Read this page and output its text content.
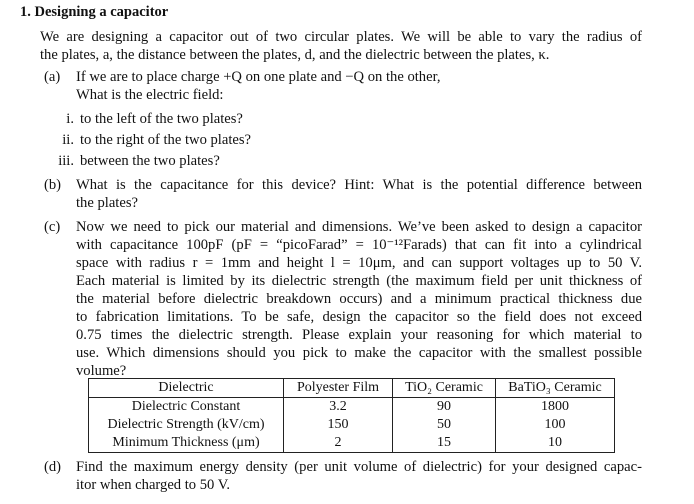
1. Designing a capacitor
We are designing a capacitor out of two circular plates. We will be able to vary the radius of
the plates, a, the distance between the plates, d, and the dielectric between the plates, κ.
(a) If we are to place charge +Q on one plate and −Q on the other,
What is the electric field:
i. to the left of the two plates?
ii. to the right of the two plates?
iii. between the two plates?
(b) What is the capacitance for this device? Hint: What is the potential difference between
the plates?
(c) Now we need to pick our material and dimensions. We’ve been asked to design a capacitor
with capacitance 100pF (pF = “picoFarad” = 10⁻¹²Farads) that can fit into a cylindrical
space with radius r = 1mm and height l = 10μm, and can support voltages up to 50 V.
Each material is limited by its dielectric strength (the maximum field per unit thickness of
the material before dielectric breakdown occurs) and a minimum practical thickness due
to fabrication limitations. To be safe, design the capacitor so the field does not exceed
0.75 times the dielectric strength. Please explain your reasoning for which material to
use. Which dimensions should you pick to make the capacitor with the smallest possible
volume?
Dielectric	Polyester Film	TiO₂ Ceramic	BaTiO₃ Ceramic
Dielectric Constant	3.2	90	1800
Dielectric Strength (kV/cm)	150	50	100
Minimum Thickness (μm)	2	15	10
(d) Find the maximum energy density (per unit volume of dielectric) for your designed capac-
itor when charged to 50 V.
